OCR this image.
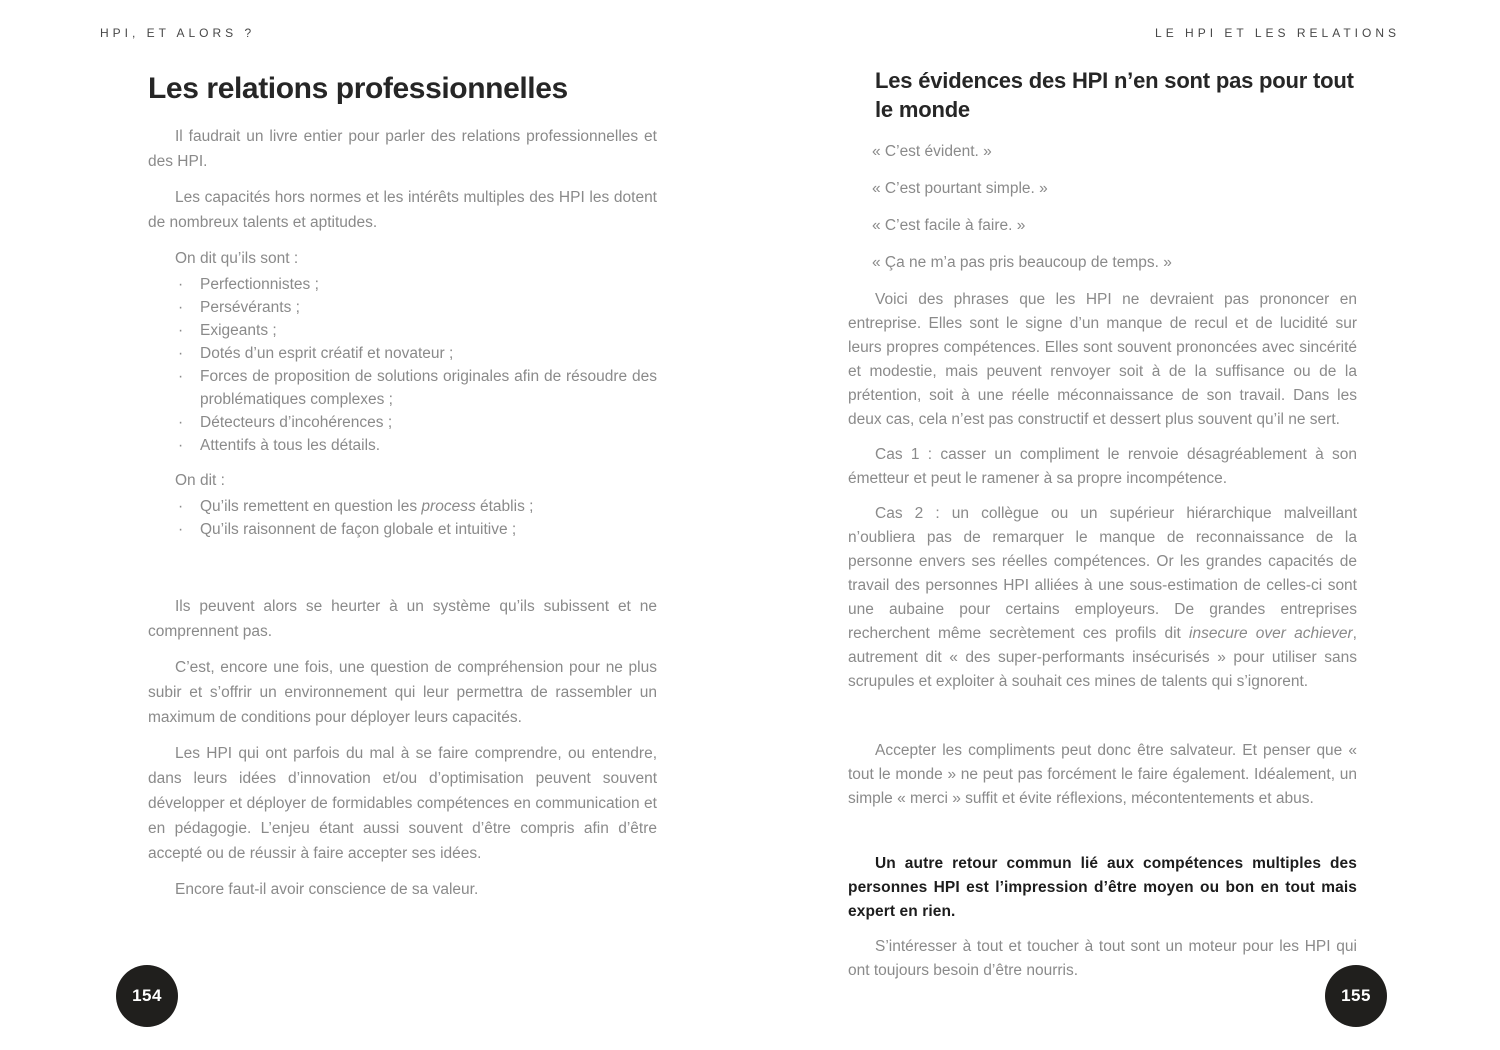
HPI, ET ALORS ?	LE HPI ET LES RELATIONS
Les relations professionnelles

Il faudrait un livre entier pour parler des relations professionnelles et des HPI.

Les capacités hors normes et les intérêts multiples des HPI les dotent de nombreux talents et aptitudes.

On dit qu’ils sont :
·	Perfectionnistes ;
·	Persévérants ;
·	Exigeants ;
·	Dotés d’un esprit créatif et novateur ;
·	Forces de proposition de solutions originales afin de résoudre des problématiques complexes ;
·	Détecteurs d’incohérences ;
·	Attentifs à tous les détails.
On dit :
·	Qu’ils remettent en question les process établis ;
·	Qu’ils raisonnent de façon globale et intuitive ;

Ils peuvent alors se heurter à un système qu’ils subissent et ne comprennent pas.

C’est, encore une fois, une question de compréhension pour ne plus subir et s’offrir un environnement qui leur permettra de rassembler un maximum de conditions pour déployer leurs capacités.

Les HPI qui ont parfois du mal à se faire comprendre, ou entendre, dans leurs idées d’innovation et/ou d’optimisation peuvent souvent développer et déployer de formidables compétences en communication et en pédagogie. L’enjeu étant aussi souvent d’être compris afin d’être accepté ou de réussir à faire accepter ses idées.

Encore faut-il avoir conscience de sa valeur.

Les évidences des HPI n’en sont pas pour tout le monde
« C’est évident. »
« C’est pourtant simple. »
« C’est facile à faire. »
« Ça ne m’a pas pris beaucoup de temps. »

Voici des phrases que les HPI ne devraient pas prononcer en entreprise. Elles sont le signe d’un manque de recul et de lucidité sur leurs propres compétences. Elles sont souvent prononcées avec sincérité et modestie, mais peuvent renvoyer soit à de la suffisance ou de la prétention, soit à une réelle méconnaissance de son travail. Dans les deux cas, cela n’est pas constructif et dessert plus souvent qu’il ne sert.

Cas 1 : casser un compliment le renvoie désagréablement à son émetteur et peut le ramener à sa propre incompétence.

Cas 2 : un collègue ou un supérieur hiérarchique malveillant n’oubliera pas de remarquer le manque de reconnaissance de la personne envers ses réelles compétences. Or les grandes capacités de travail des personnes HPI alliées à une sous-estimation de celles-ci sont une aubaine pour certains employeurs. De grandes entreprises recherchent même secrètement ces profils dit insecure over achiever, autrement dit « des super-performants insécurisés » pour utiliser sans scrupules et exploiter à souhait ces mines de talents qui s’ignorent.

Accepter les compliments peut donc être salvateur. Et penser que « tout le monde » ne peut pas forcément le faire également. Idéalement, un simple « merci » suffit et évite réflexions, mécontentements et abus.

Un autre retour commun lié aux compétences multiples des personnes HPI est l’impression d’être moyen ou bon en tout mais expert en rien.

S’intéresser à tout et toucher à tout sont un moteur pour les HPI qui ont toujours besoin d’être nourris.

154	155
